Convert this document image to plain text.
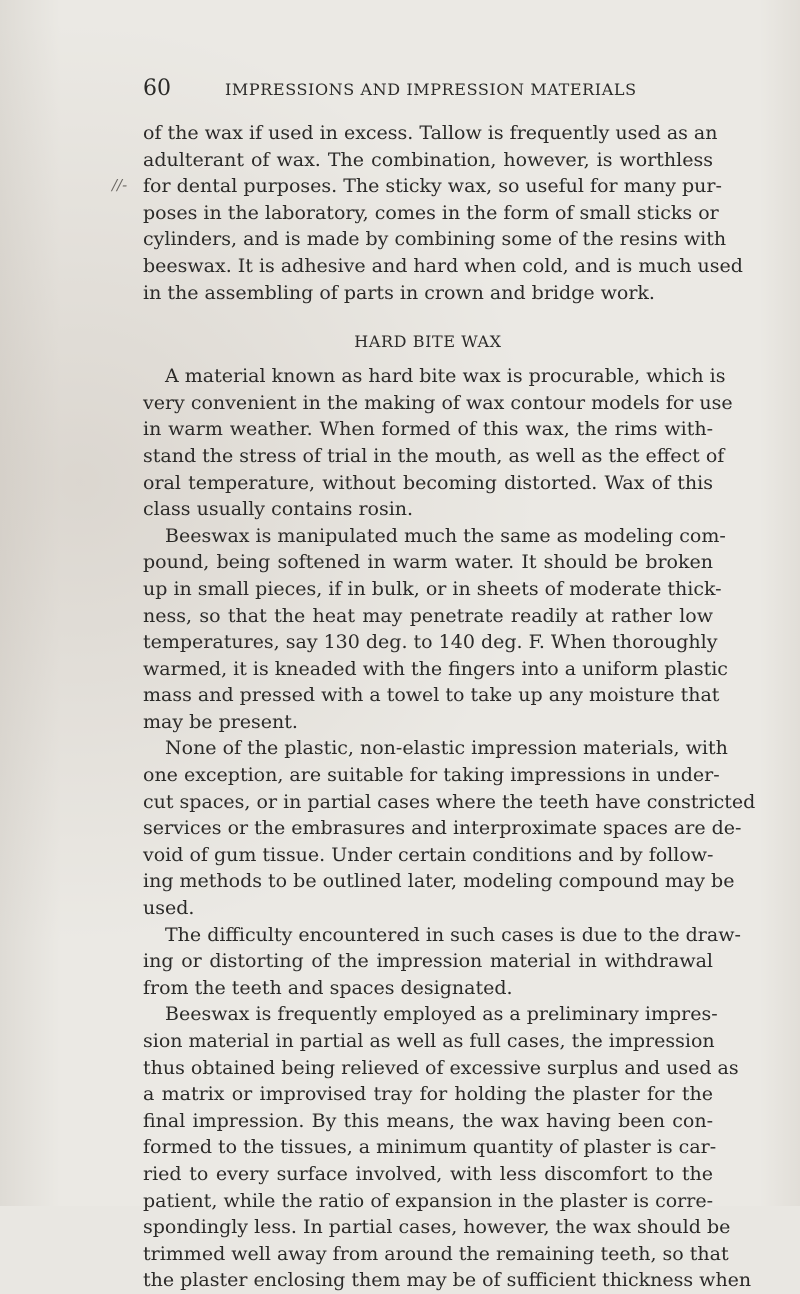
60	IMPRESSIONS AND IMPRESSION MATERIALS
//-
of the wax if used in excess. Tallow is frequently used as an
adulterant of wax. The combination, however, is worthless
for dental purposes. The sticky wax, so useful for many pur-
poses in the laboratory, comes in the form of small sticks or
cylinders, and is made by combining some of the resins with
beeswax. It is adhesive and hard when cold, and is much used
in the assembling of parts in crown and bridge work.
HARD BITE WAX
A material known as hard bite wax is procurable, which is
very convenient in the making of wax contour models for use
in warm weather. When formed of this wax, the rims with-
stand the stress of trial in the mouth, as well as the effect of
oral temperature, without becoming distorted. Wax of this
class usually contains rosin.
Beeswax is manipulated much the same as modeling com-
pound, being softened in warm water. It should be broken
up in small pieces, if in bulk, or in sheets of moderate thick-
ness, so that the heat may penetrate readily at rather low
temperatures, say 130 deg. to 140 deg. F. When thoroughly
warmed, it is kneaded with the fingers into a uniform plastic
mass and pressed with a towel to take up any moisture that
may be present.
None of the plastic, non-elastic impression materials, with
one exception, are suitable for taking impressions in under-
cut spaces, or in partial cases where the teeth have constricted
services or the embrasures and interproximate spaces are de-
void of gum tissue. Under certain conditions and by follow-
ing methods to be outlined later, modeling compound may be
used.
The difficulty encountered in such cases is due to the draw-
ing or distorting of the impression material in withdrawal
from the teeth and spaces designated.
Beeswax is frequently employed as a preliminary impres-
sion material in partial as well as full cases, the impression
thus obtained being relieved of excessive surplus and used as
a matrix or improvised tray for holding the plaster for the
final impression. By this means, the wax having been con-
formed to the tissues, a minimum quantity of plaster is car-
ried to every surface involved, with less discomfort to the
patient, while the ratio of expansion in the plaster is corre-
spondingly less. In partial cases, however, the wax should be
trimmed well away from around the remaining teeth, so that
the plaster enclosing them may be of sufficient thickness when
